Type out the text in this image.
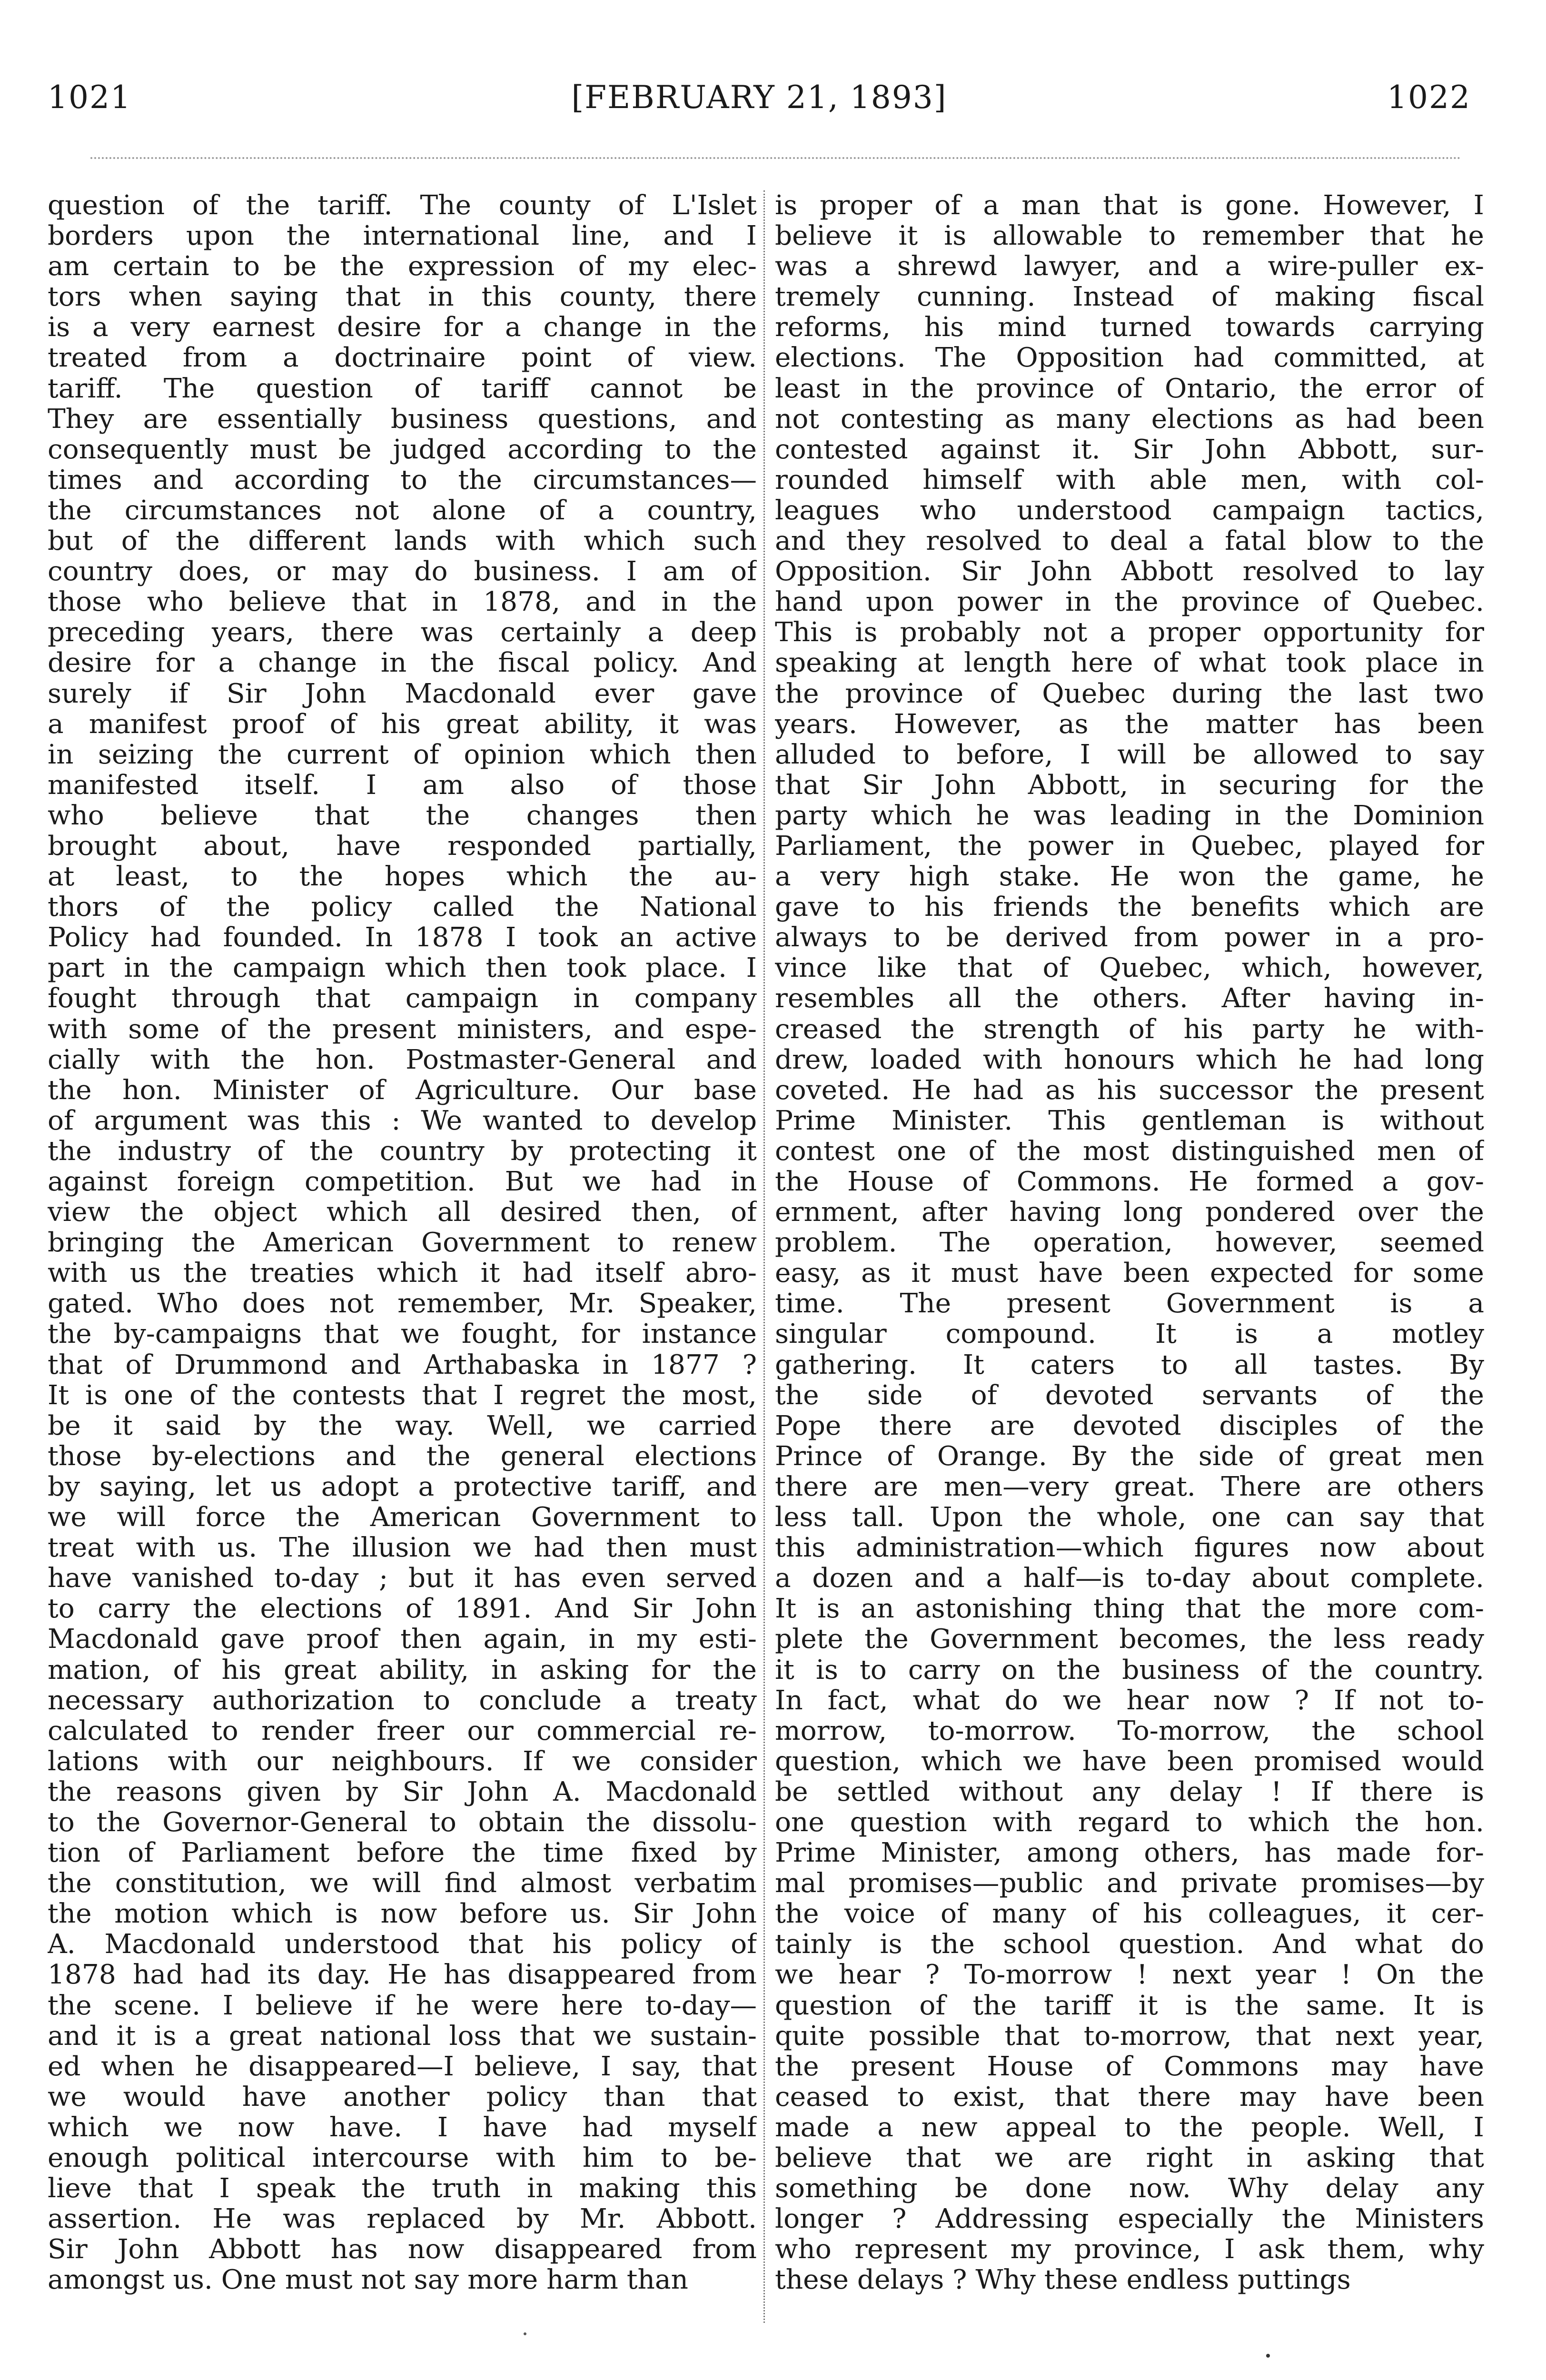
1021	[FEBRUARY 21, 1893]	1022
question of the tariff. The county of L'Islet
borders upon the international line, and I
am certain to be the expression of my elec-
tors when saying that in this county, there
is a very earnest desire for a change in the
treated from a doctrinaire point of view.
tariff. The question of tariff cannot be
They are essentially business questions, and
consequently must be judged according to the
times and according to the circumstances—
the circumstances not alone of a country,
but of the different lands with which such
country does, or may do business. I am of
those who believe that in 1878, and in the
preceding years, there was certainly a deep
desire for a change in the fiscal policy. And
surely if Sir John Macdonald ever gave
a manifest proof of his great ability, it was
in seizing the current of opinion which then
manifested itself. I am also of those
who believe that the changes then
brought about, have responded partially,
at least, to the hopes which the au-
thors of the policy called the National
Policy had founded. In 1878 I took an active
part in the campaign which then took place. I
fought through that campaign in company
with some of the present ministers, and espe-
cially with the hon. Postmaster-General and
the hon. Minister of Agriculture. Our base
of argument was this : We wanted to develop
the industry of the country by protecting it
against foreign competition. But we had in
view the object which all desired then, of
bringing the American Government to renew
with us the treaties which it had itself abro-
gated. Who does not remember, Mr. Speaker,
the by-campaigns that we fought, for instance
that of Drummond and Arthabaska in 1877 ?
It is one of the contests that I regret the most,
be it said by the way. Well, we carried
those by-elections and the general elections
by saying, let us adopt a protective tariff, and
we will force the American Government to
treat with us. The illusion we had then must
have vanished to-day ; but it has even served
to carry the elections of 1891. And Sir John
Macdonald gave proof then again, in my esti-
mation, of his great ability, in asking for the
necessary authorization to conclude a treaty
calculated to render freer our commercial re-
lations with our neighbours. If we consider
the reasons given by Sir John A. Macdonald
to the Governor-General to obtain the dissolu-
tion of Parliament before the time fixed by
the constitution, we will find almost verbatim
the motion which is now before us. Sir John
A. Macdonald understood that his policy of
1878 had had its day. He has disappeared from
the scene. I believe if he were here to-day—
and it is a great national loss that we sustain-
ed when he disappeared—I believe, I say, that
we would have another policy than that
which we now have. I have had myself
enough political intercourse with him to be-
lieve that I speak the truth in making this
assertion. He was replaced by Mr. Abbott.
Sir John Abbott has now disappeared from
amongst us. One must not say more harm than
is proper of a man that is gone. However, I
believe it is allowable to remember that he
was a shrewd lawyer, and a wire-puller ex-
tremely cunning. Instead of making fiscal
reforms, his mind turned towards carrying
elections. The Opposition had committed, at
least in the province of Ontario, the error of
not contesting as many elections as had been
contested against it. Sir John Abbott, sur-
rounded himself with able men, with col-
leagues who understood campaign tactics,
and they resolved to deal a fatal blow to the
Opposition. Sir John Abbott resolved to lay
hand upon power in the province of Quebec.
This is probably not a proper opportunity for
speaking at length here of what took place in
the province of Quebec during the last two
years. However, as the matter has been
alluded to before, I will be allowed to say
that Sir John Abbott, in securing for the
party which he was leading in the Dominion
Parliament, the power in Quebec, played for
a very high stake. He won the game, he
gave to his friends the benefits which are
always to be derived from power in a pro-
vince like that of Quebec, which, however,
resembles all the others. After having in-
creased the strength of his party he with-
drew, loaded with honours which he had long
coveted. He had as his successor the present
Prime Minister. This gentleman is without
contest one of the most distinguished men of
the House of Commons. He formed a gov-
ernment, after having long pondered over the
problem. The operation, however, seemed
easy, as it must have been expected for some
time. The present Government is a
singular compound. It is a motley
gathering. It caters to all tastes. By
the side of devoted servants of the
Pope there are devoted disciples of the
Prince of Orange. By the side of great men
there are men—very great. There are others
less tall. Upon the whole, one can say that
this administration—which figures now about
a dozen and a half—is to-day about complete.
It is an astonishing thing that the more com-
plete the Government becomes, the less ready
it is to carry on the business of the country.
In fact, what do we hear now ? If not to-
morrow, to-morrow. To-morrow, the school
question, which we have been promised would
be settled without any delay ! If there is
one question with regard to which the hon.
Prime Minister, among others, has made for-
mal promises—public and private promises—by
the voice of many of his colleagues, it cer-
tainly is the school question. And what do
we hear ? To-morrow ! next year ! On the
question of the tariff it is the same. It is
quite possible that to-morrow, that next year,
the present House of Commons may have
ceased to exist, that there may have been
made a new appeal to the people. Well, I
believe that we are right in asking that
something be done now. Why delay any
longer ? Addressing especially the Ministers
who represent my province, I ask them, why
these delays ? Why these endless puttings
